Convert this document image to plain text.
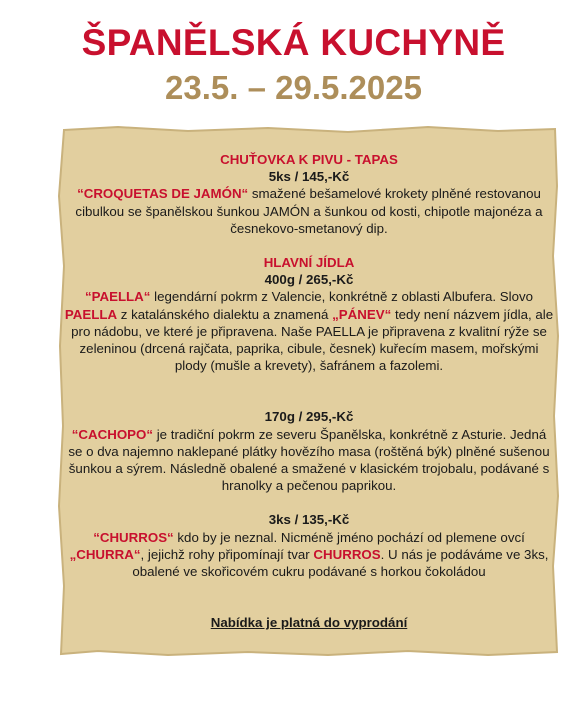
ŠPANĚLSKÁ KUCHYNĚ
23.5. – 29.5.2025

CHUŤOVKA K PIVU - TAPAS

5ks / 145,-Kč

“CROQUETAS DE JAMÓN“ smažené bešamelové krokety plněné restovanou cibulkou se španělskou šunkou JAMÓN a šunkou od kosti, chipotle majonéza a česnekovo-smetanový dip.

HLAVNÍ JÍDLA

400g / 265,-Kč

“PAELLA“ legendární pokrm z Valencie, konkrétně z oblasti Albufera. Slovo PAELLA z katalánského dialektu a znamená „PÁNEV“ tedy není názvem jídla, ale pro nádobu, ve které je připravena. Naše PAELLA je připravena z kvalitní rýže se zeleninou (drcená rajčata, paprika, cibule, česnek) kuřecím masem, mořskými plody (mušle a krevety), šafránem a fazolemi.

170g / 295,-Kč

“CACHOPO“ je tradiční pokrm ze severu Španělska, konkrétně z Asturie. Jedná se o dva najemno naklepané plátky hovězího masa (roštěná býk) plněné sušenou šunkou a sýrem. Následně obalené a smažené v klasickém trojobalu, podávané s hranolky a pečenou paprikou.

3ks / 135,-Kč

“CHURROS“ kdo by je neznal. Nicméně jméno pochází od plemene ovcí „CHURRA“, jejichž rohy připomínají tvar CHURROS. U nás je podáváme ve 3ks, obalené ve skořicovém cukru podávané s horkou čokoládou

Nabídka je platná do vyprodání
